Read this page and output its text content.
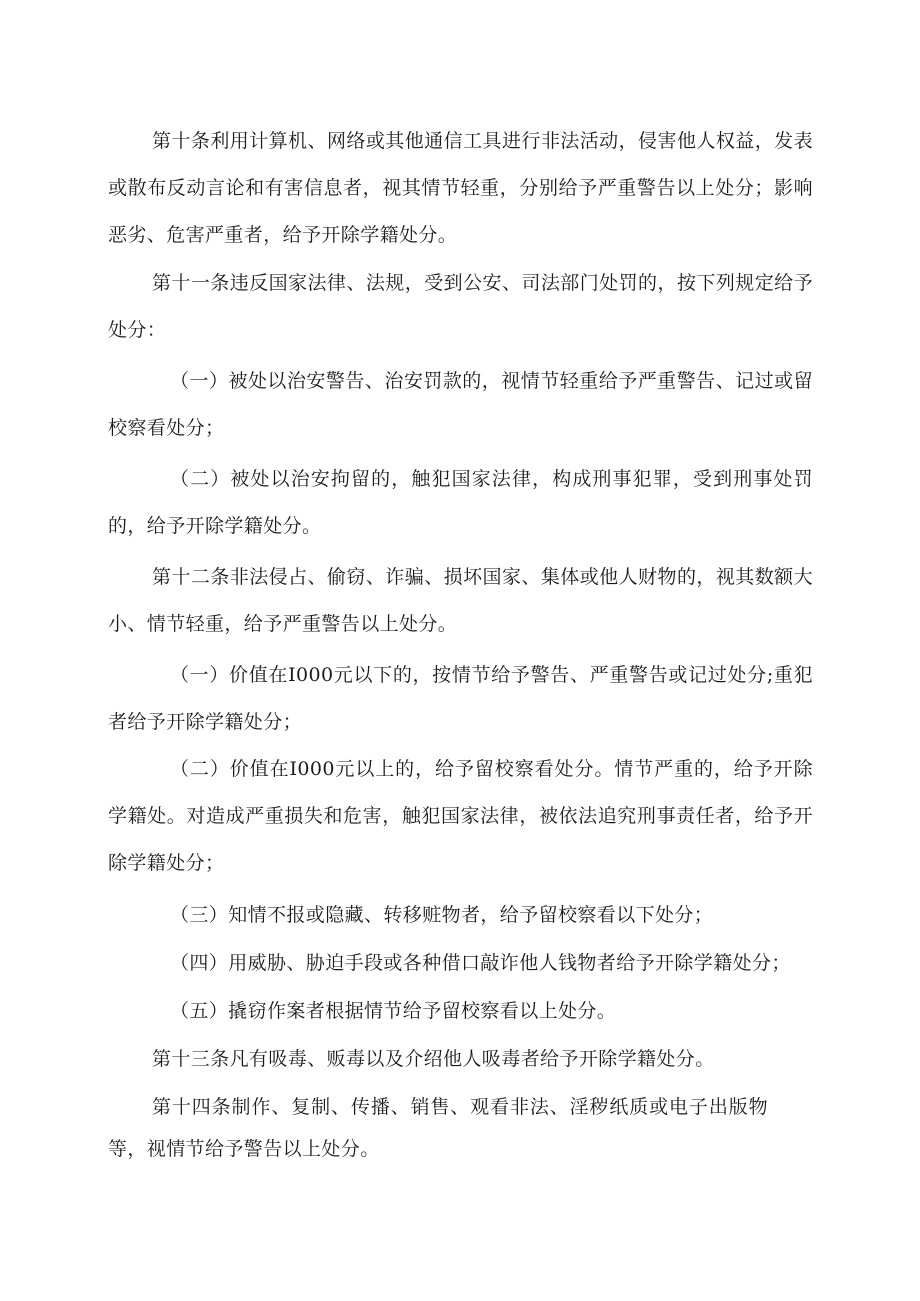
第十条利用计算机、网络或其他通信工具进行非法活动，侵害他人权益，发表或散布反动言论和有害信息者，视其情节轻重，分别给予严重警告以上处分；影响恶劣、危害严重者，给予开除学籍处分。

第十一条违反国家法律、法规，受到公安、司法部门处罚的，按下列规定给予处分：

（一）被处以治安警告、治安罚款的，视情节轻重给予严重警告、记过或留校察看处分；

（二）被处以治安拘留的，触犯国家法律，构成刑事犯罪，受到刑事处罚的，给予开除学籍处分。

第十二条非法侵占、偷窃、诈骗、损坏国家、集体或他人财物的，视其数额大小、情节轻重，给予严重警告以上处分。

（一）价值在I000元以下的，按情节给予警告、严重警告或记过处分;重犯者给予开除学籍处分；

（二）价值在I000元以上的，给予留校察看处分。情节严重的，给予开除学籍处。对造成严重损失和危害，触犯国家法律，被依法追究刑事责任者，给予开除学籍处分；

（三）知情不报或隐藏、转移赃物者，给予留校察看以下处分；

（四）用威胁、胁迫手段或各种借口敲诈他人钱物者给予开除学籍处分；

（五）撬窃作案者根据情节给予留校察看以上处分。

第十三条凡有吸毒、贩毒以及介绍他人吸毒者给予开除学籍处分。

第十四条制作、复制、传播、销售、观看非法、淫秽纸质或电子出版物等，视情节给予警告以上处分。
